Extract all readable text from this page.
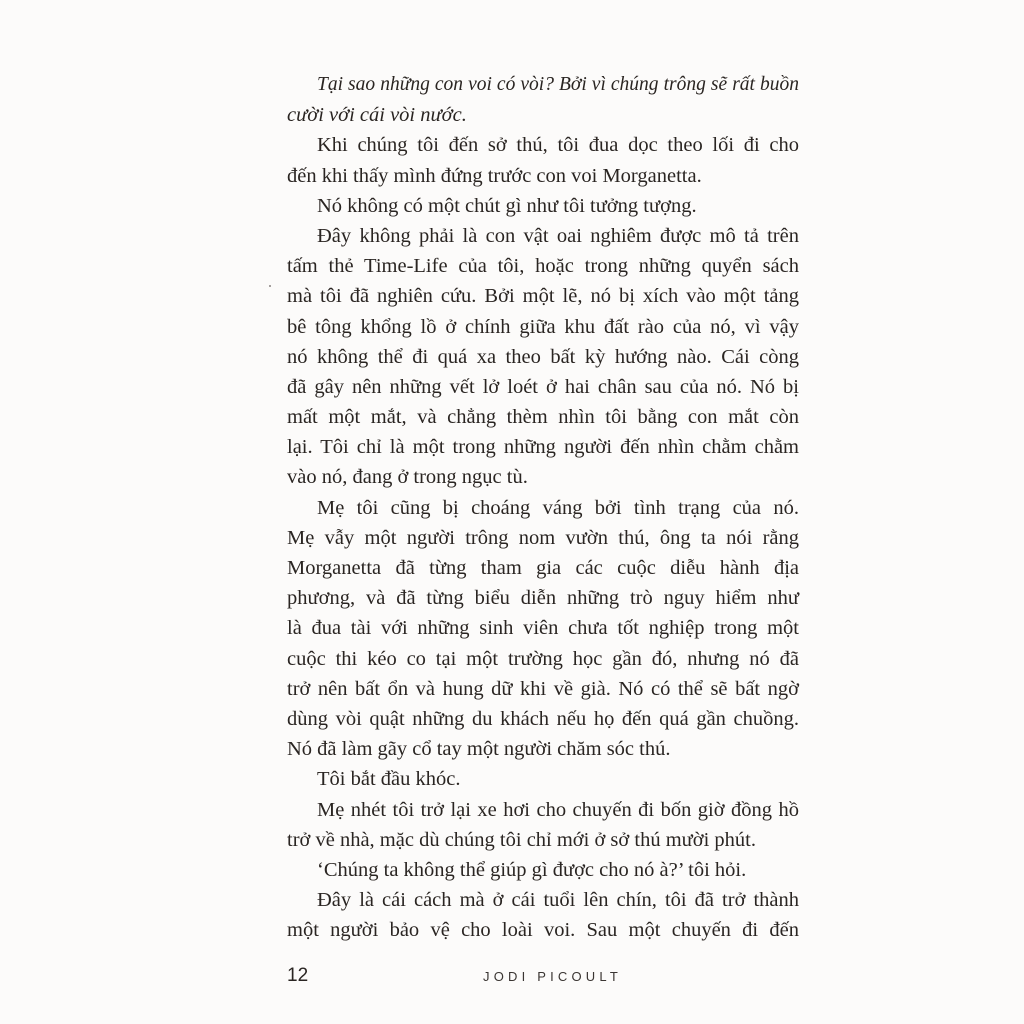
Tại sao những con voi có vòi? Bởi vì chúng trông sẽ rất buồn
cười với cái vòi nước.
Khi chúng tôi đến sở thú, tôi đua dọc theo lối đi cho
đến khi thấy mình đứng trước con voi Morganetta.
Nó không có một chút gì như tôi tưởng tượng.
Đây không phải là con vật oai nghiêm được mô tả trên
tấm thẻ Time-Life của tôi, hoặc trong những quyển sách
mà tôi đã nghiên cứu. Bởi một lẽ, nó bị xích vào một tảng
bê tông khổng lồ ở chính giữa khu đất rào của nó, vì vậy
nó không thể đi quá xa theo bất kỳ hướng nào. Cái còng
đã gây nên những vết lở loét ở hai chân sau của nó. Nó bị
mất một mắt, và chẳng thèm nhìn tôi bằng con mắt còn
lại. Tôi chỉ là một trong những người đến nhìn chằm chằm
vào nó, đang ở trong ngục tù.
Mẹ tôi cũng bị choáng váng bởi tình trạng của nó.
Mẹ vẫy một người trông nom vườn thú, ông ta nói rằng
Morganetta đã từng tham gia các cuộc diễu hành địa
phương, và đã từng biểu diễn những trò nguy hiểm như
là đua tài với những sinh viên chưa tốt nghiệp trong một
cuộc thi kéo co tại một trường học gần đó, nhưng nó đã
trở nên bất ổn và hung dữ khi về già. Nó có thể sẽ bất ngờ
dùng vòi quật những du khách nếu họ đến quá gần chuồng.
Nó đã làm gãy cổ tay một người chăm sóc thú.
Tôi bắt đầu khóc.
Mẹ nhét tôi trở lại xe hơi cho chuyến đi bốn giờ đồng hồ
trở về nhà, mặc dù chúng tôi chỉ mới ở sở thú mười phút.
‘Chúng ta không thể giúp gì được cho nó à?’ tôi hỏi.
Đây là cái cách mà ở cái tuổi lên chín, tôi đã trở thành
một người bảo vệ cho loài voi. Sau một chuyến đi đến
12	JODI PICOULT
